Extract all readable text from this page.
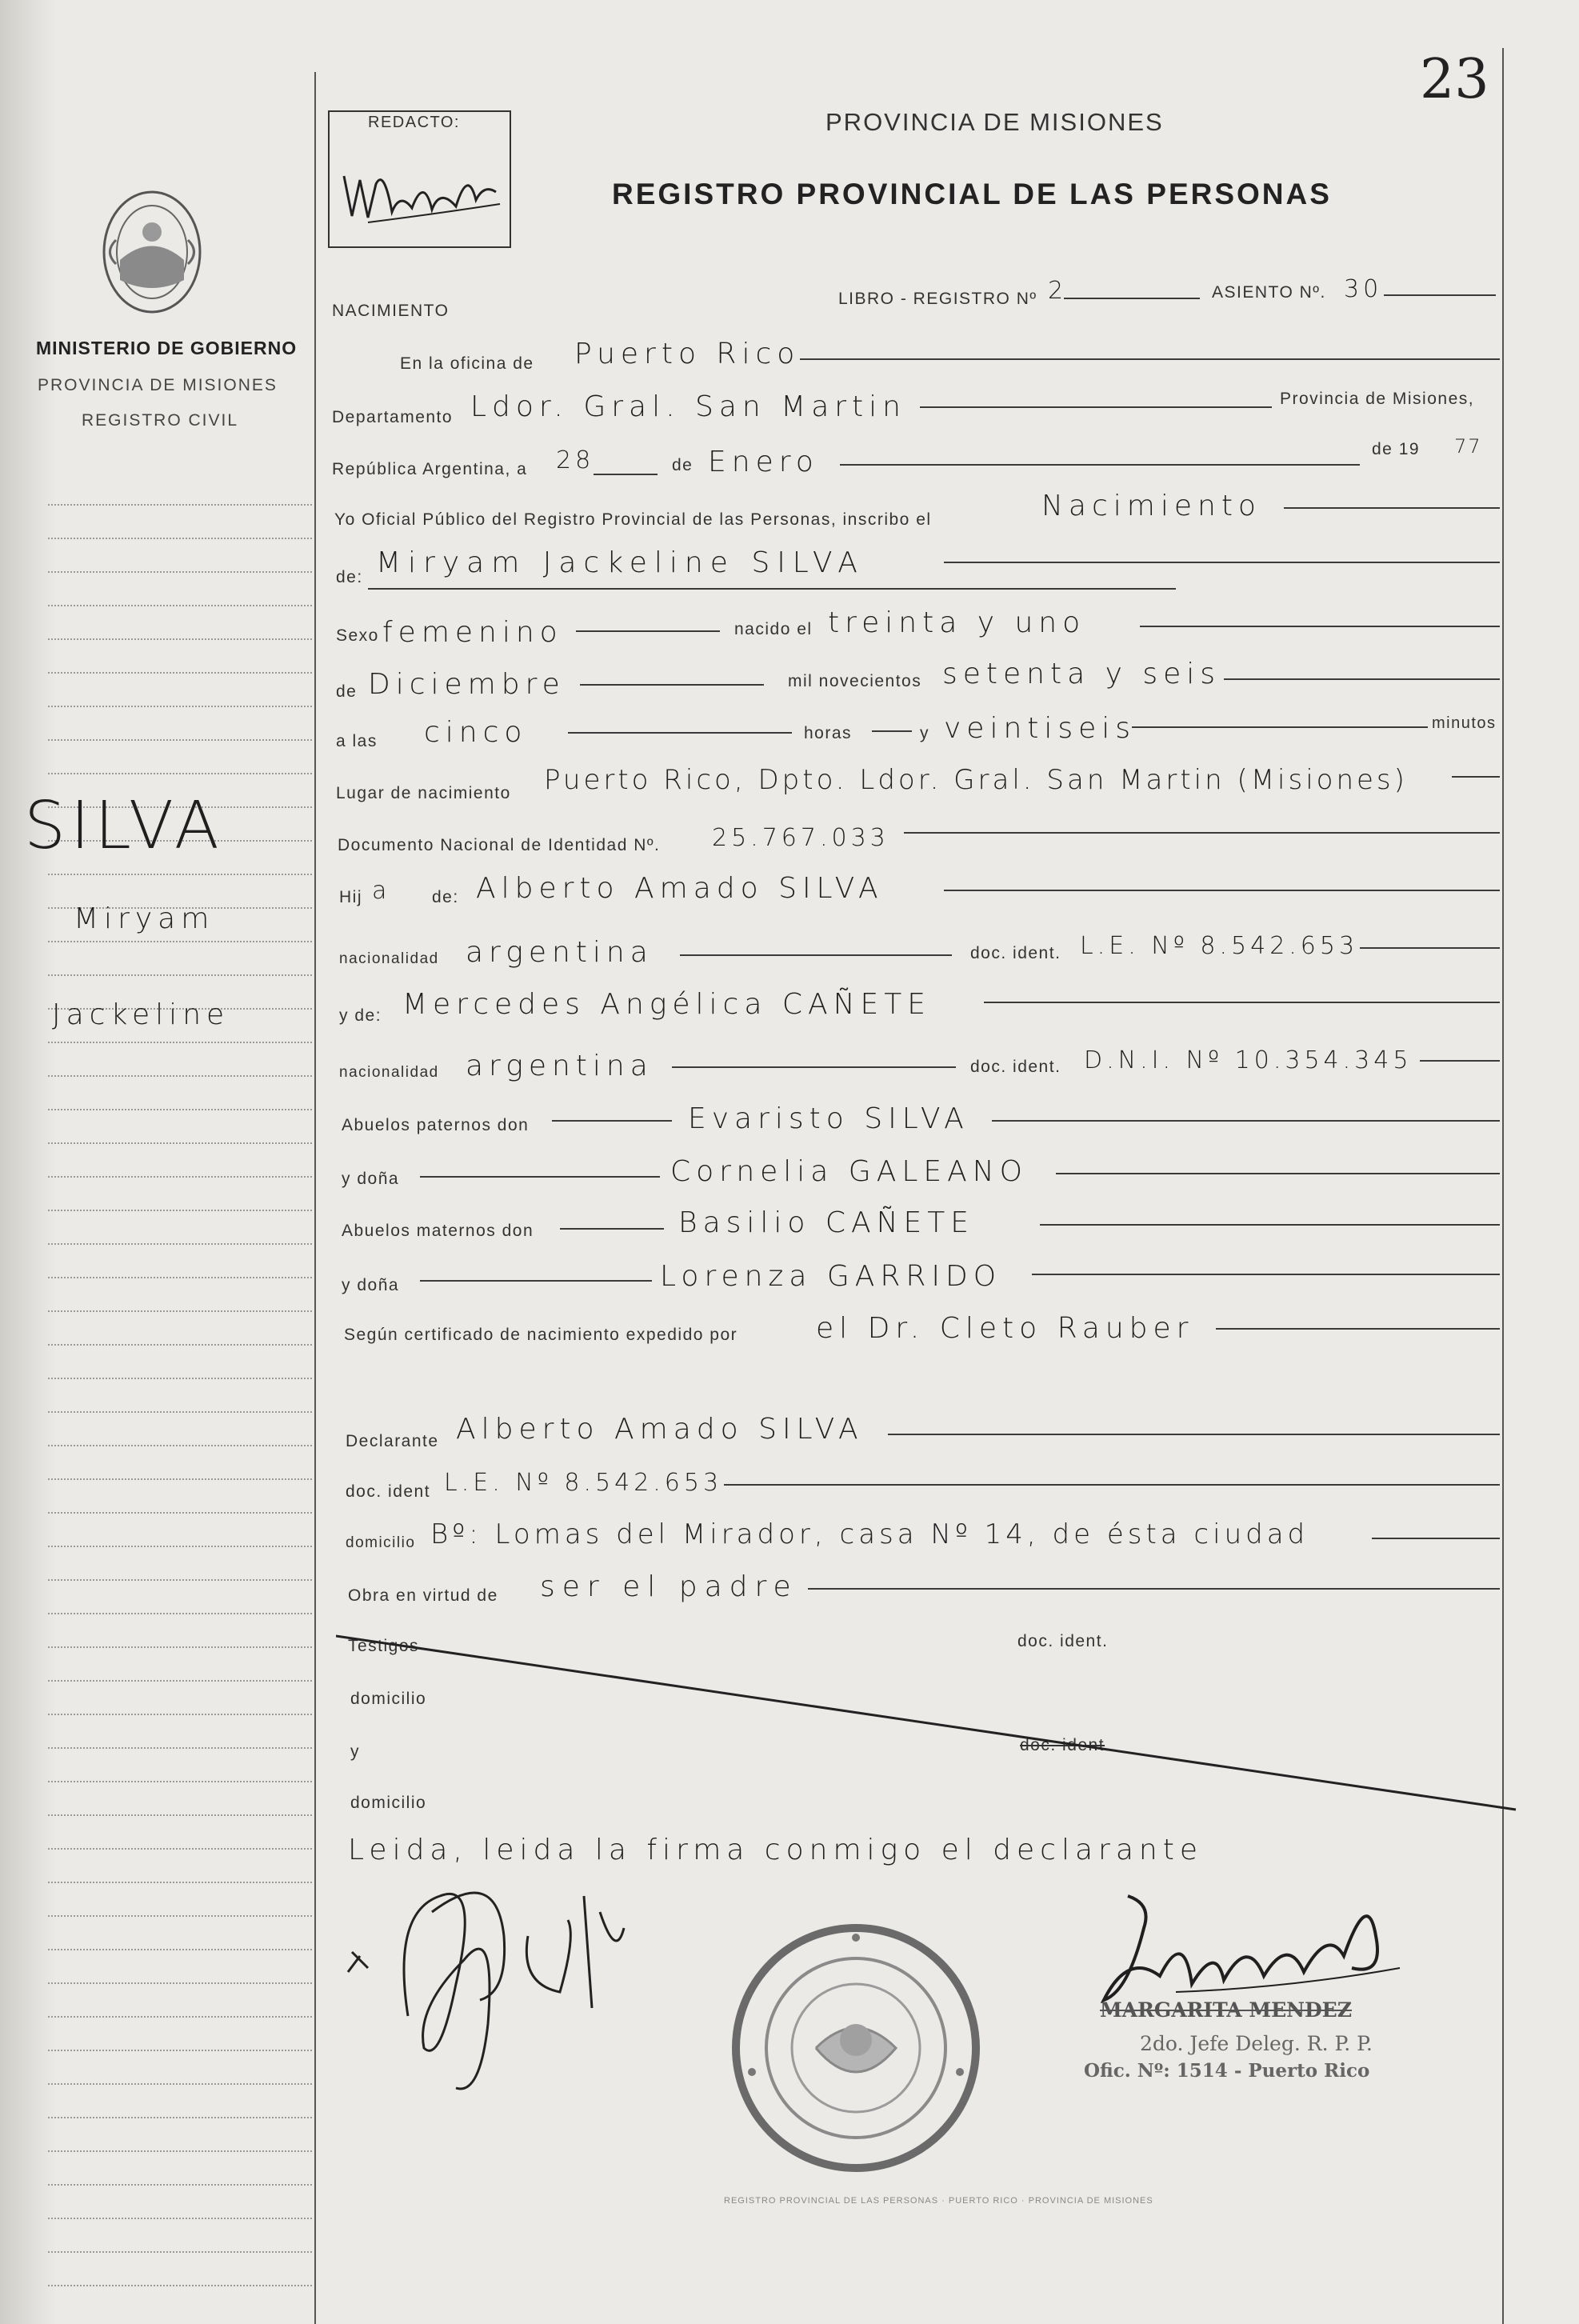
23
MINISTERIO DE GOBIERNO
PROVINCIA DE MISIONES
REGISTRO CIVIL
SILVA
Miryam
Jackeline
REDACTO:	PROVINCIA DE MISIONES
REGISTRO PROVINCIAL DE LAS PERSONAS
NACIMIENTO
LIBRO - REGISTRO Nº 2	ASIENTO Nº. 30
En la oficina de Puerto Rico
Departamento Ldor. Gral. San Martin	Provincia de Misiones,
República Argentina, a 28	de Enero	de 19 77
Yo Oficial Público del Registro Provincial de las Personas, inscribo el	Nacimiento
de: Miryam Jackeline SILVA
Sexo femenino	nacido el treinta y uno
de Diciembre	mil novecientos setenta y seis
a las cinco	horas	y veintiseis	minutos
Lugar de nacimiento Puerto Rico, Dpto. Ldor. Gral. San Martin (Misiones)
Documento Nacional de Identidad Nº. 25.767.033
Hij a de: Alberto Amado SILVA
nacionalidad argentina	doc. ident. L.E. Nº 8.542.653
y de: Mercedes Angélica CAÑETE
nacionalidad argentina	doc. ident. D.N.I. Nº 10.354.345
Abuelos paternos don	Evaristo SILVA
y doña	Cornelia GALEANO
Abuelos maternos don	Basilio CAÑETE
y doña	Lorenza GARRIDO
Según certificado de nacimiento expedido por	el Dr. Cleto Rauber
Declarante Alberto Amado SILVA
doc. ident L.E. Nº 8.542.653
domicilio Bº: Lomas del Mirador, casa Nº 14, de ésta ciudad
Obra en virtud de ser el padre
Testigos	doc. ident.
domicilio
y	doc. ident
domicilio
Leida, leida la firma conmigo el declarante
REGISTRO PROVINCIAL DE LAS PERSONAS · PUERTO RICO · PROVINCIA DE MISIONES
MARGARITA MENDEZ
2do. Jefe Deleg. R. P. P.
Ofic. Nº: 1514 - Puerto Rico
